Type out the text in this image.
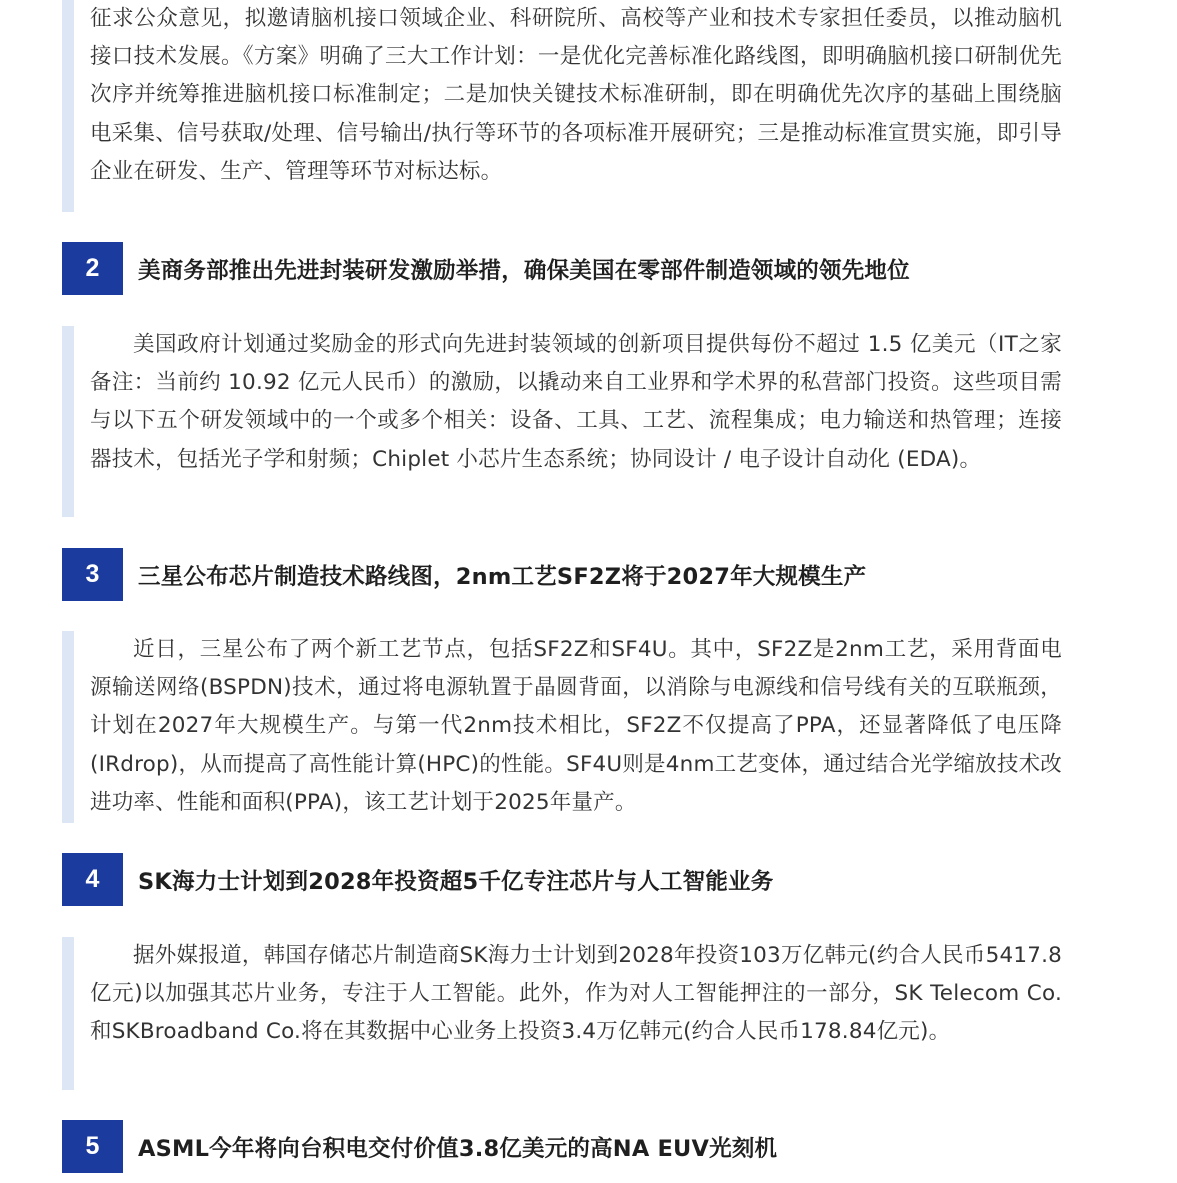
征求公众意见，拟邀请脑机接口领域企业、科研院所、高校等产业和技术专家担任委员，以推动脑机接口技术发展。《方案》明确了三大工作计划：一是优化完善标准化路线图，即明确脑机接口研制优先次序并统筹推进脑机接口标准制定；二是加快关键技术标准研制，即在明确优先次序的基础上围绕脑电采集、信号获取/处理、信号输出/执行等环节的各项标准开展研究；三是推动标准宣贯实施，即引导企业在研发、生产、管理等环节对标达标。

2	美商务部推出先进封装研发激励举措，确保美国在零部件制造领域的领先地位

美国政府计划通过奖励金的形式向先进封装领域的创新项目提供每份不超过 1.5 亿美元（IT之家备注：当前约 10.92 亿元人民币）的激励，以撬动来自工业界和学术界的私营部门投资。这些项目需与以下五个研发领域中的一个或多个相关：设备、工具、工艺、流程集成；电力输送和热管理；连接器技术，包括光子学和射频；Chiplet 小芯片生态系统；协同设计 / 电子设计自动化 (EDA)。

3	三星公布芯片制造技术路线图，2nm工艺SF2Z将于2027年大规模生产

近日，三星公布了两个新工艺节点，包括SF2Z和SF4U。其中，SF2Z是2nm工艺，采用背面电源输送网络(BSPDN)技术，通过将电源轨置于晶圆背面，以消除与电源线和信号线有关的互联瓶颈，计划在2027年大规模生产。与第一代2nm技术相比，SF2Z不仅提高了PPA，还显著降低了电压降(IRdrop)，从而提高了高性能计算(HPC)的性能。SF4U则是4nm工艺变体，通过结合光学缩放技术改进功率、性能和面积(PPA)，该工艺计划于2025年量产。

4	SK海力士计划到2028年投资超5千亿专注芯片与人工智能业务

据外媒报道，韩国存储芯片制造商SK海力士计划到2028年投资103万亿韩元(约合人民币5417.8亿元)以加强其芯片业务，专注于人工智能。此外，作为对人工智能押注的一部分，SK Telecom Co.和SKBroadband Co.将在其数据中心业务上投资3.4万亿韩元(约合人民币178.84亿元)。

5	ASML今年将向台积电交付价值3.8亿美元的高NA EUV光刻机
